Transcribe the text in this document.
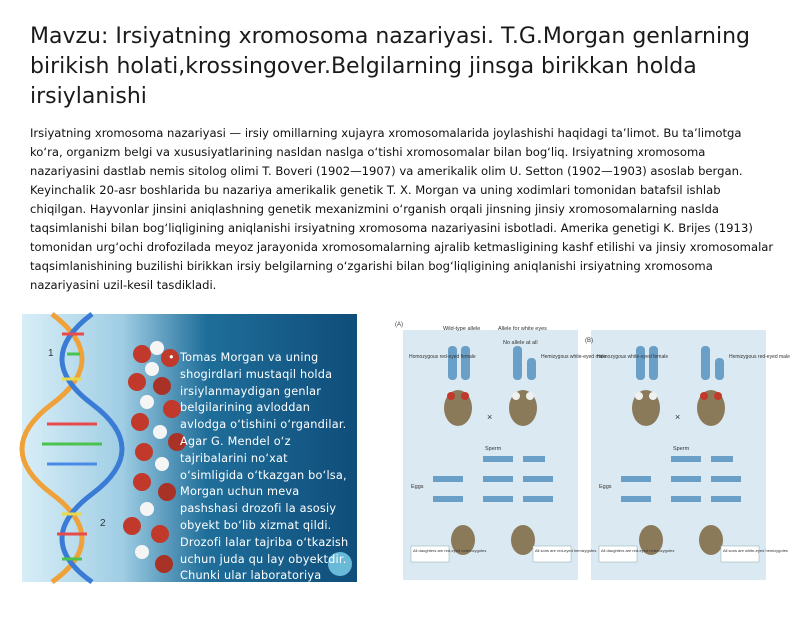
Mavzu: Irsiyatning xromosoma nazariyasi. T.G.Morgan genlarning birikish holati,krossingover.Belgilarning jinsga birikkan holda irsiylanishi
Irsiyatning xromosoma nazariyasi — irsiy omillarning xujayra xromosomalarida joylashishi haqidagi ta’limot. Bu ta’limotga ko‘ra, organizm belgi va xususiyatlarining nasldan naslga o‘tishi xromosomalar bilan bog‘liq. Irsiyatning xromosoma nazariyasini dastlab nemis sitolog olimi T. Boveri (1902—1907) va amerikalik olim U. Setton (1902—1903) asoslab bergan. Keyinchalik 20-asr boshlarida bu nazariya amerikalik genetik T. X. Morgan va uning xodimlari tomonidan batafsil ishlab chiqilgan. Hayvonlar jinsini aniqlashning genetik mexanizmini o‘rganish orqali jinsning jinsiy xromosomalarning naslda taqsimlanishi bilan bog‘liqligining aniqlanishi irsiyatning xromosoma nazariyasini isbotladi. Amerika genetigi K. Brijes (1913) tomonidan urg‘ochi drofozilada meyoz jarayonida xromosomalarning ajralib ketmasligining kashf etilishi va jinsiy xromosomalar taqsimlanishining buzilishi birikkan irsiy belgilarning o‘zgarishi bilan bog‘liqligining aniqlanishi irsiyatning xromosoma nazariyasini uzil-kesil tasdikladi.
1
2
• Tomas Morgan va uning shogirdlari mustaqil holda irsiylanmaydigan genlar belgilarining avloddan avlodga o‘tishini o‘rgandilar. Agar G. Mendel o‘z tajribalarini no‘xat o‘simligida o‘tkazgan bo‘lsa, Morgan uchun meva pashshasi drozofi la asosiy obyekt bo‘lib xizmat qildi. Drozofi lalar tajriba o‘tkazish uchun juda qu lay obyektdir. Chunki ular laboratoriya sharoitida tez ko‘payadi, xromosomalar soni 8 ga
(A)
(B)
Wild-type allele	Allele for white eyes
No allele at all
Homozygous red-eyed female	Hemizygous white-eyed male
×
Sperm
Eggs
All daughters are red-eyed heterozygotes	All sons are red-eyed hemizygotes
Homozygous white-eyed female	Hemizygous red-eyed male
×
Sperm
Eggs
All daughters are red-eyed heterozygotes	All sons are white-eyed hemizygotes
